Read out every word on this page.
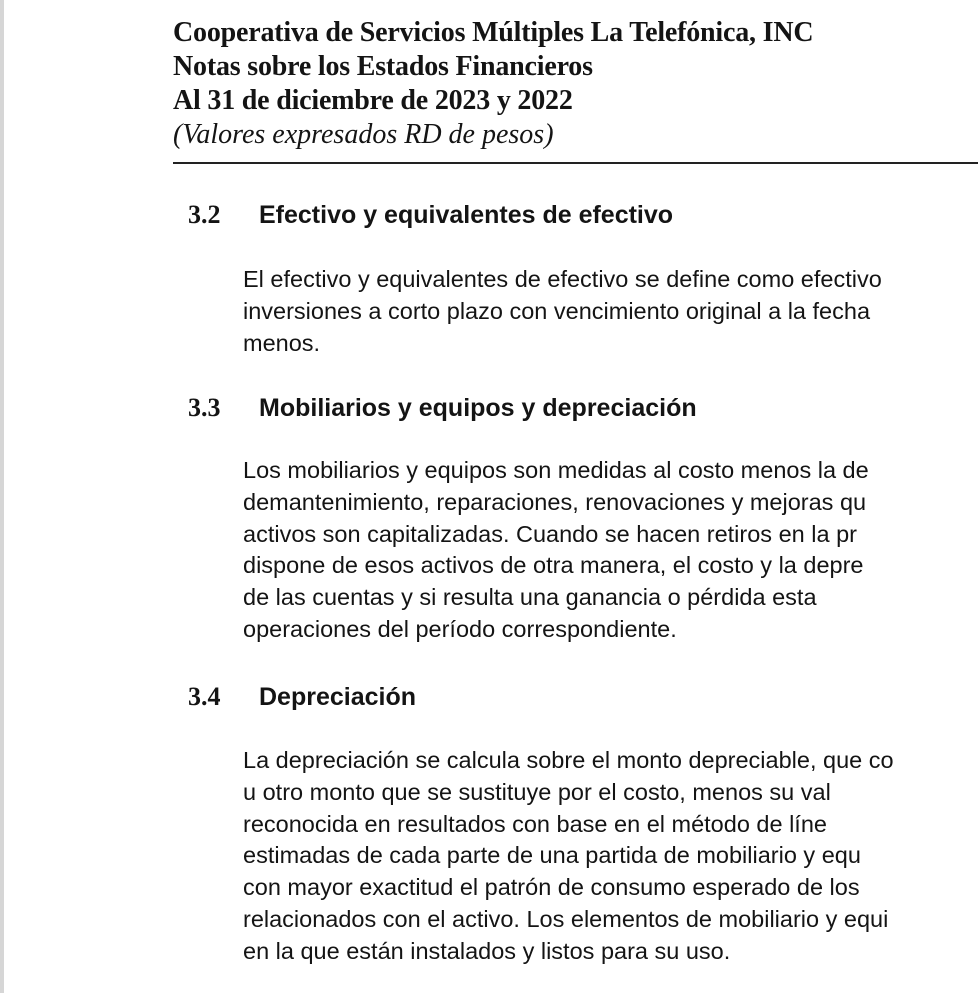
Cooperativa de Servicios Múltiples La Telefónica, INC
Notas sobre los Estados Financieros
Al 31 de diciembre de 2023 y 2022
(Valores expresados RD de pesos)
3.2 Efectivo y equivalentes de efectivo
El efectivo y equivalentes de efectivo se define como efectivo
inversiones a corto plazo con vencimiento original a la fecha
menos.
3.3 Mobiliarios y equipos y depreciación
Los mobiliarios y equipos son medidas al costo menos la de
demantenimiento, reparaciones, renovaciones y mejoras qu
activos son capitalizadas. Cuando se hacen retiros en la pr
dispone de esos activos de otra manera, el costo y la depre
de las cuentas y si resulta una ganancia o pérdida esta
operaciones del período correspondiente.
3.4 Depreciación
La depreciación se calcula sobre el monto depreciable, que co
u otro monto que se sustituye por el costo, menos su val
reconocida en resultados con base en el método de líne
estimadas de cada parte de una partida de mobiliario y equ
con mayor exactitud el patrón de consumo esperado de los
relacionados con el activo. Los elementos de mobiliario y equi
en la que están instalados y listos para su uso.
